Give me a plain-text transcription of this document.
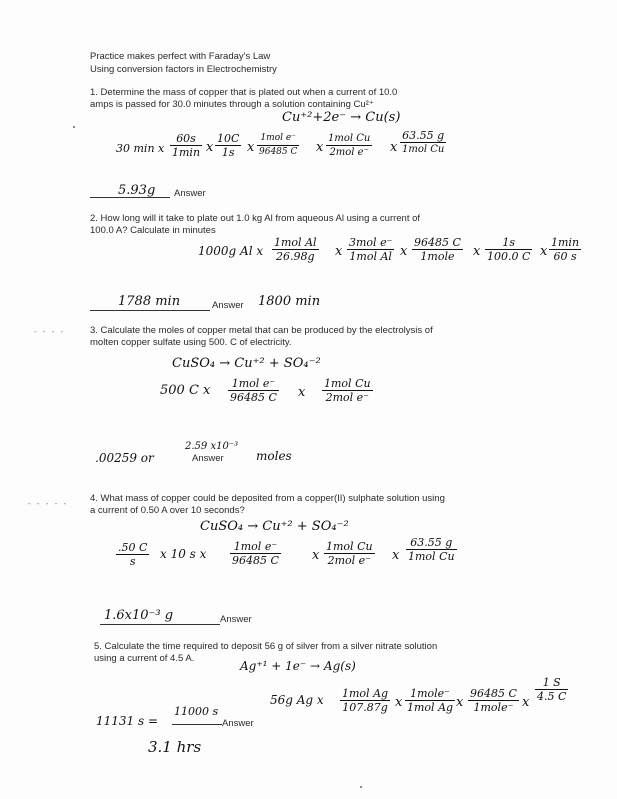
Practice makes perfect with Faraday's Law
Using conversion factors in Electrochemistry
1. Determine the mass of copper that is plated out when a current of 10.0
amps is passed for 30.0 minutes through a solution containing Cu²⁺
Cu⁺²+2e⁻ → Cu(s)
30 min x
60s
1min x $\frac{10C}{1s}$ x
1mol e⁻
96485 C x
1mol Cu
2mol e⁻ x
63.55 g
1mol Cu
5.93g Answer
2. How long will it take to plate out 1.0 kg Al from aqueous Al using a current of
100.0 A? Calculate in minutes
1000g Al x
1mol Al
26.98g	x
3mol e⁻
1mol Al x
96485 C
1mole	x $\frac{1s}{100.0 C}$ x
1min
60 s
1788 min	Answer 1800 min
- - - -	3. Calculate the moles of copper metal that can be produced by the electrolysis of
molten copper sulfate using 500. C of electricity.
CuSO₄ → Cu⁺² + SO₄⁻²
500 C x	1mol e⁻
96485 C x
1mol Cu
2mol e⁻
.00259 or
2.59 x10⁻³
Answer	moles
- - - - - 4. What mass of copper could be deposited from a copper(II) sulphate solution using
a current of 0.50 A over 10 seconds?
CuSO₄ → Cu⁺² + SO₄⁻²
$\frac{.50 C}{s}$ x 10 s x
1mol e⁻
96485 C	x
1mol Cu
2mol e⁻ x
63.55 g
1mol Cu
1.6x10⁻³ g	Answer
5. Calculate the time required to deposit 56 g of silver from a silver nitrate solution
using a current of 4.5 A.
Ag⁺¹ + 1e⁻ → Ag(s)
56g Ag x 1mol Ag
107.87g x
1mole⁻
1mol Ag x
96485 C
1mole⁻ x $\frac{1 S}{4.5 C}$
11131 s =
11000 s
Answer
3.1 hrs
